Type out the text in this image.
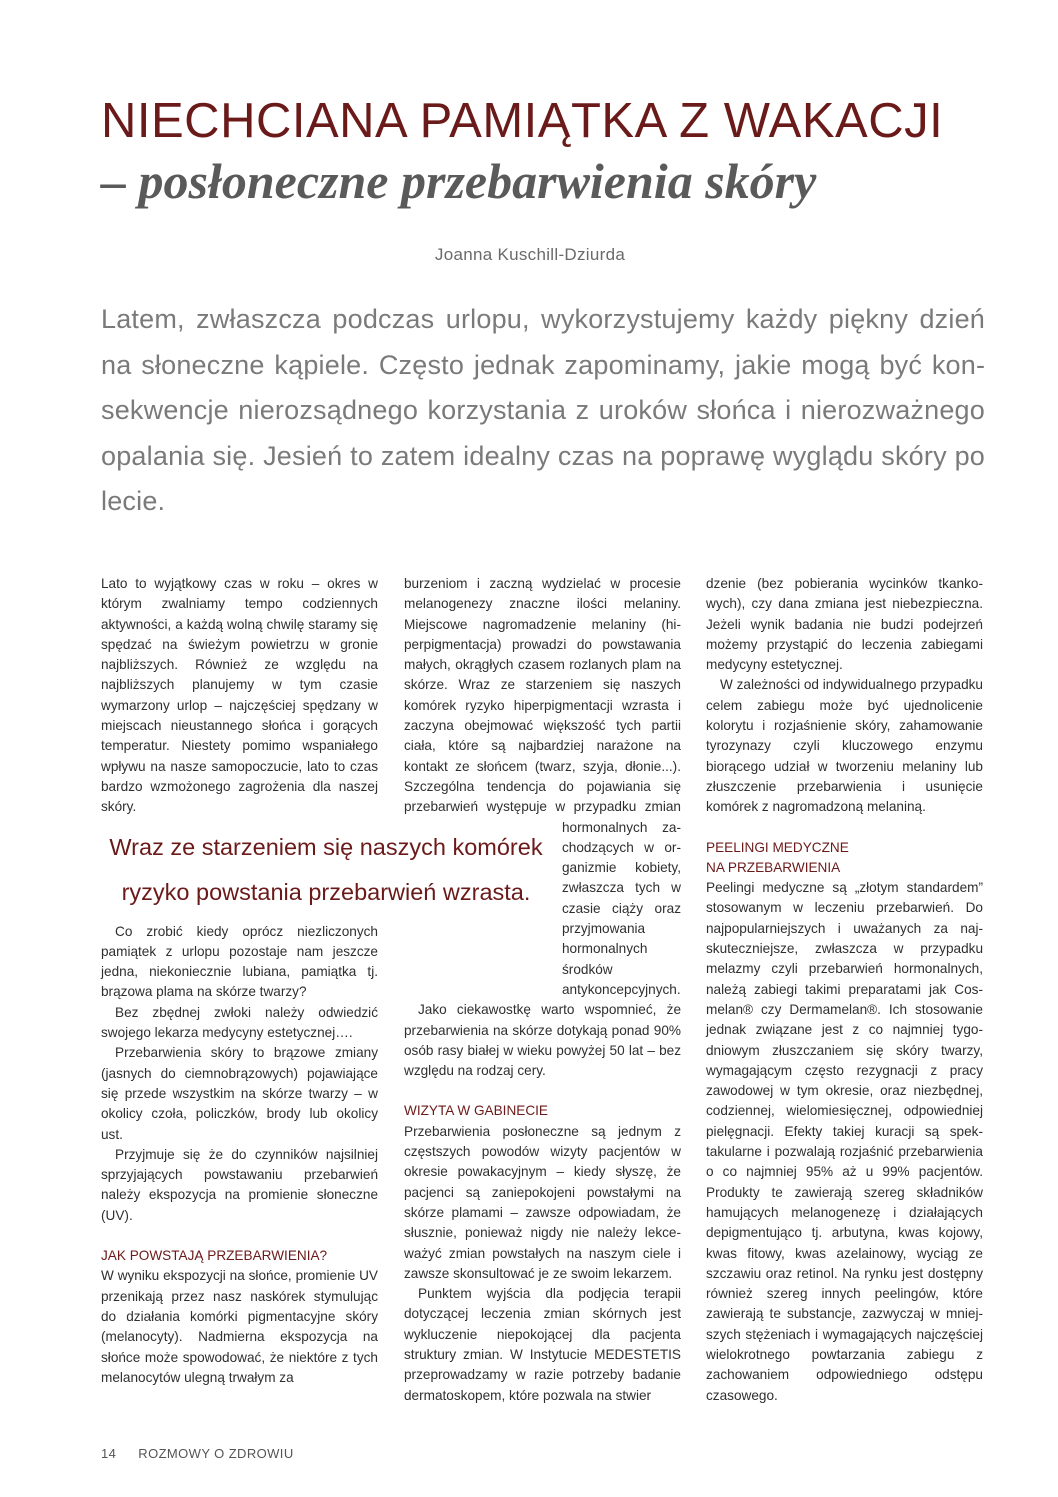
NIECHCIANA PAMIĄTKA Z WAKACJI
– posłoneczne przebarwienia skóry
Joanna Kuschill-Dziurda

Latem, zwłaszcza podczas urlopu, wykorzystujemy każdy piękny dzień na słoneczne kąpiele. Często jednak zapominamy, jakie mogą być konsekwencje nierozsądnego korzystania z uroków słońca i nierozważnego opalania się. Jesień to zatem idealny czas na poprawę wyglądu skóry po lecie.

Lato to wyjątkowy czas w roku – okres w którym zwalniamy tempo codziennych aktywności, a każdą wolną chwilę staramy się spędzać na świeżym powietrzu w gronie najbliższych. Również ze względu na najbliższych planujemy w tym czasie wymarzony urlop – najczęściej spędzany w miejscach nieustannego słońca i gorących temperatur. Niestety pomimo wspaniałego wpływu na nasze samopoczucie, lato to czas bardzo wzmożonego zagrożenia dla naszej skóry.

Co zrobić kiedy oprócz niezliczonych pamiątek z urlopu pozostaje nam jeszcze jedna, niekoniecznie lubiana, pamiątka tj. brązowa plama na skórze twarzy?

Bez zbędnej zwłoki należy odwiedzić swojego lekarza medycyny estetycznej….

Przebarwienia skóry to brązowe zmiany (jasnych do ciemnobrązowych) pojawiające się przede wszystkim na skórze twarzy – w okolicy czoła, policzków, brody lub okolicy ust.

Przyjmuje się że do czynników najsilniej sprzyjających powstawaniu przebarwień należy ekspozycja na promienie słoneczne (UV).

JAK POWSTAJĄ PRZEBARWIENIA?

W wyniku ekspozycji na słońce, promienie UV przenikają przez nasz naskórek stymulując do działania komórki pigmentacyjne skóry (melanocyty). Nadmierna ekspozycja na słońce może spowodować, że niektóre z tych melanocytów ulegną trwałym za

Wraz ze starzeniem się naszych komórek ryzyko powstania przebarwień wzrasta.

burzeniom i zaczną wydzielać w procesie melanogenezy znaczne ilości melaniny. Miejscowe nagromadzenie melaniny (hiperpigmentacja) prowadzi do powstawania małych, okrągłych czasem rozlanych plam na skórze. Wraz ze starzeniem się naszych komórek ryzyko hiperpigmentacji wzrasta i zaczyna obejmować większość tych partii ciała, które są najbardziej narażone na kontakt ze słońcem (twarz, szyja, dłonie...). Szczególna tendencja do pojawiania się przebarwień występuje w przypadku zmian hormonalnych zachodzących w organizmie kobiety, zwłaszcza tych w czasie ciąży oraz przyjmowania hormonalnych środków antykoncepcyjnych.

Jako ciekawostkę warto wspomnieć, że przebarwienia na skórze dotykają ponad 90% osób rasy białej w wieku powyżej 50 lat – bez względu na rodzaj cery.

WIZYTA W GABINECIE

Przebarwienia posłoneczne są jednym z częstszych powodów wizyty pacjentów w okresie powakacyjnym – kiedy słyszę, że pacjenci są zaniepokojeni powstałymi na skórze plamami – zawsze odpowiadam, że słusznie, ponieważ nigdy nie należy lekceważyć zmian powstałych na naszym ciele i zawsze skonsultować je ze swoim lekarzem.

Punktem wyjścia dla podjęcia terapii dotyczącej leczenia zmian skórnych jest wykluczenie niepokojącej dla pacjenta struktury zmian. W Instytucie MEDESTETIS przeprowadzamy w razie potrzeby badanie dermatoskopem, które pozwala na stwier

dzenie (bez pobierania wycinków tkankowych), czy dana zmiana jest niebezpieczna. Jeżeli wynik badania nie budzi podejrzeń możemy przystąpić do leczenia zabiegami medycyny estetycznej.

W zależności od indywidualnego przypadku celem zabiegu może być ujednolicenie kolorytu i rozjaśnienie skóry, zahamowanie tyrozynazy czyli kluczowego enzymu biorącego udział w tworzeniu melaniny lub złuszczenie przebarwienia i usunięcie komórek z nagromadzoną melaniną.

PEELINGI MEDYCZNE

NA PRZEBARWIENIA

Peelingi medyczne są „złotym standardem” stosowanym w leczeniu przebarwień. Do najpopularniejszych i uważanych za najskuteczniejsze, zwłaszcza w przypadku melazmy czyli przebarwień hormonalnych, należą zabiegi takimi preparatami jak Cosmelan® czy Dermamelan®. Ich stosowanie jednak związane jest z co najmniej tygodniowym złuszczaniem się skóry twarzy, wymagającym często rezygnacji z pracy zawodowej w tym okresie, oraz niezbędnej, codziennej, wielomiesięcznej, odpowiedniej pielęgnacji. Efekty takiej kuracji są spektakularne i pozwalają rozjaśnić przebarwienia o co najmniej 95% aż u 99% pacjentów. Produkty te zawierają szereg składników hamujących melanogenezę i działających depigmentująco tj. arbutyna, kwas kojowy, kwas fitowy, kwas azelainowy, wyciąg ze szczawiu oraz retinol. Na rynku jest dostępny również szereg innych peelingów, które zawierają te substancje, zazwyczaj w mniejszych stężeniach i wymagających najczęściej wielokrotnego powtarzania zabiegu z zachowaniem odpowiedniego odstępu czasowego.

14 ROZMOWY O ZDROWIU
